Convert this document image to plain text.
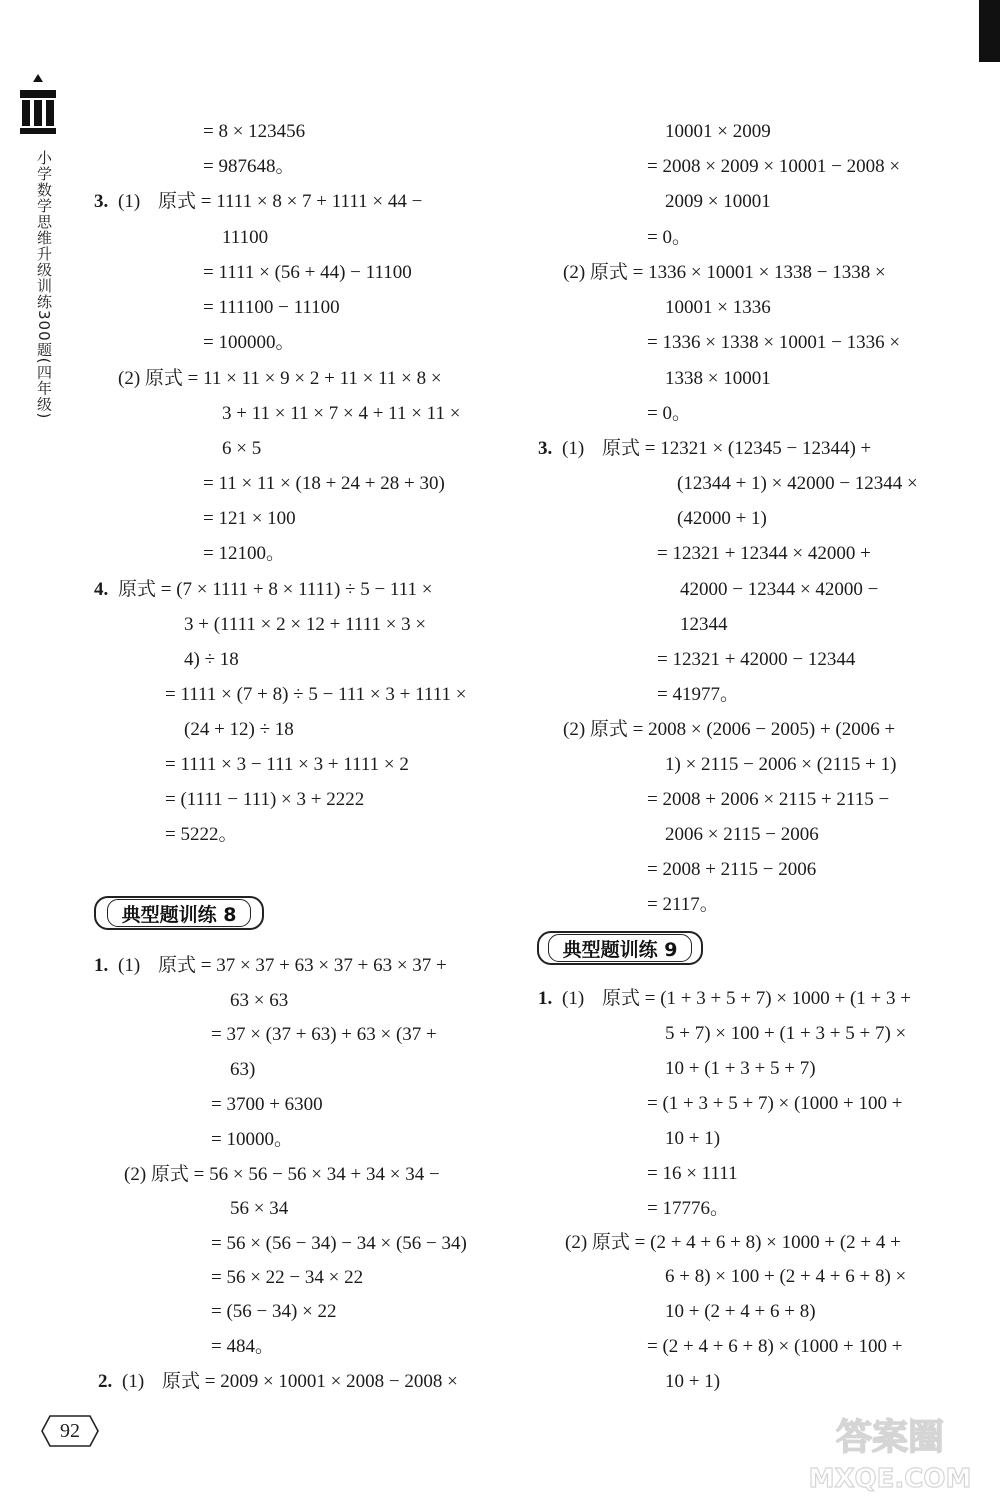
小学数学思维升级训练300题(四年级)
= 8 × 123456
= 987648。
3. (1) 原式 = 1111 × 8 × 7 + 1111 × 44 −
11100
= 1111 × (56 + 44) − 11100
= 111100 − 11100
= 100000。
(2) 原式 = 11 × 11 × 9 × 2 + 11 × 11 × 8 ×
3 + 11 × 11 × 7 × 4 + 11 × 11 ×
6 × 5
= 11 × 11 × (18 + 24 + 28 + 30)
= 121 × 100
= 12100。
4. 原式 = (7 × 1111 + 8 × 1111) ÷ 5 − 111 ×
3 + (1111 × 2 × 12 + 1111 × 3 ×
4) ÷ 18
= 1111 × (7 + 8) ÷ 5 − 111 × 3 + 1111 ×
(24 + 12) ÷ 18
= 1111 × 3 − 111 × 3 + 1111 × 2
= (1111 − 111) × 3 + 2222
= 5222。
典型题训练 8
1. (1) 原式 = 37 × 37 + 63 × 37 + 63 × 37 +
63 × 63
= 37 × (37 + 63) + 63 × (37 +
63)
= 3700 + 6300
= 10000。
(2) 原式 = 56 × 56 − 56 × 34 + 34 × 34 −
56 × 34
= 56 × (56 − 34) − 34 × (56 − 34)
= 56 × 22 − 34 × 22
= (56 − 34) × 22
= 484。
2. (1) 原式 = 2009 × 10001 × 2008 − 2008 ×
92
10001 × 2009
= 2008 × 2009 × 10001 − 2008 ×
2009 × 10001
= 0。
(2) 原式 = 1336 × 10001 × 1338 − 1338 ×
10001 × 1336
= 1336 × 1338 × 10001 − 1336 ×
1338 × 10001
= 0。
3. (1) 原式 = 12321 × (12345 − 12344) +
(12344 + 1) × 42000 − 12344 ×
(42000 + 1)
= 12321 + 12344 × 42000 +
42000 − 12344 × 42000 −
12344
= 12321 + 42000 − 12344
= 41977。
(2) 原式 = 2008 × (2006 − 2005) + (2006 +
1) × 2115 − 2006 × (2115 + 1)
= 2008 + 2006 × 2115 + 2115 −
2006 × 2115 − 2006
= 2008 + 2115 − 2006
= 2117。
典型题训练 9
1. (1) 原式 = (1 + 3 + 5 + 7) × 1000 + (1 + 3 +
5 + 7) × 100 + (1 + 3 + 5 + 7) ×
10 + (1 + 3 + 5 + 7)
= (1 + 3 + 5 + 7) × (1000 + 100 +
10 + 1)
= 16 × 1111
= 17776。
(2) 原式 = (2 + 4 + 6 + 8) × 1000 + (2 + 4 +
6 + 8) × 100 + (2 + 4 + 6 + 8) ×
10 + (2 + 4 + 6 + 8)
= (2 + 4 + 6 + 8) × (1000 + 100 +
10 + 1)
答案圈
MXQE.COM
